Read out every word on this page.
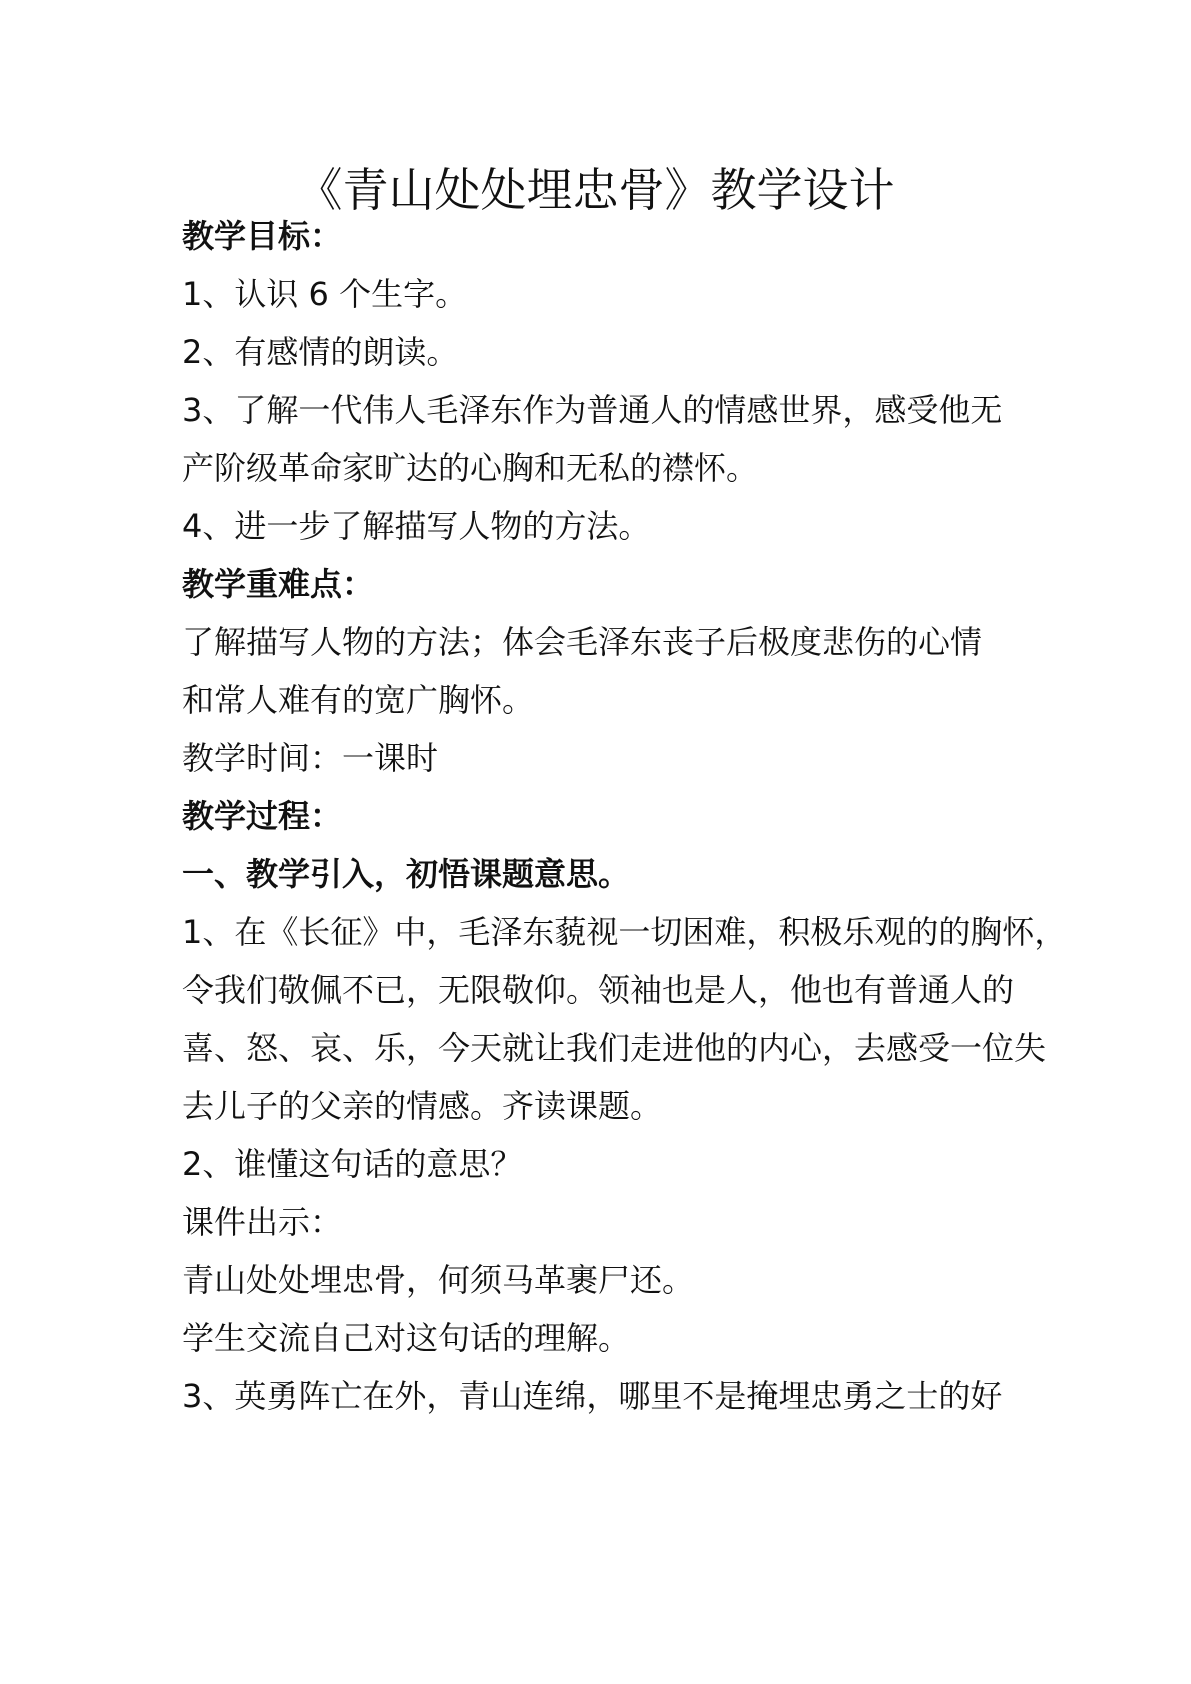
《青山处处埋忠骨》教学设计
教学目标：
1、认识 6 个生字。
2、有感情的朗读。
3、了解一代伟人毛泽东作为普通人的情感世界，感受他无
产阶级革命家旷达的心胸和无私的襟怀。
4、进一步了解描写人物的方法。
教学重难点：
了解描写人物的方法；体会毛泽东丧子后极度悲伤的心情
和常人难有的宽广胸怀。
教学时间：一课时
教学过程：
一、教学引入，初悟课题意思。
1、在《长征》中，毛泽东藐视一切困难，积极乐观的的胸怀，
令我们敬佩不已，无限敬仰。领袖也是人，他也有普通人的
喜、怒、哀、乐，今天就让我们走进他的内心，去感受一位失
去儿子的父亲的情感。齐读课题。
2、谁懂这句话的意思？
课件出示：
青山处处埋忠骨，何须马革裹尸还。
学生交流自己对这句话的理解。
3、英勇阵亡在外，青山连绵，哪里不是掩埋忠勇之士的好
